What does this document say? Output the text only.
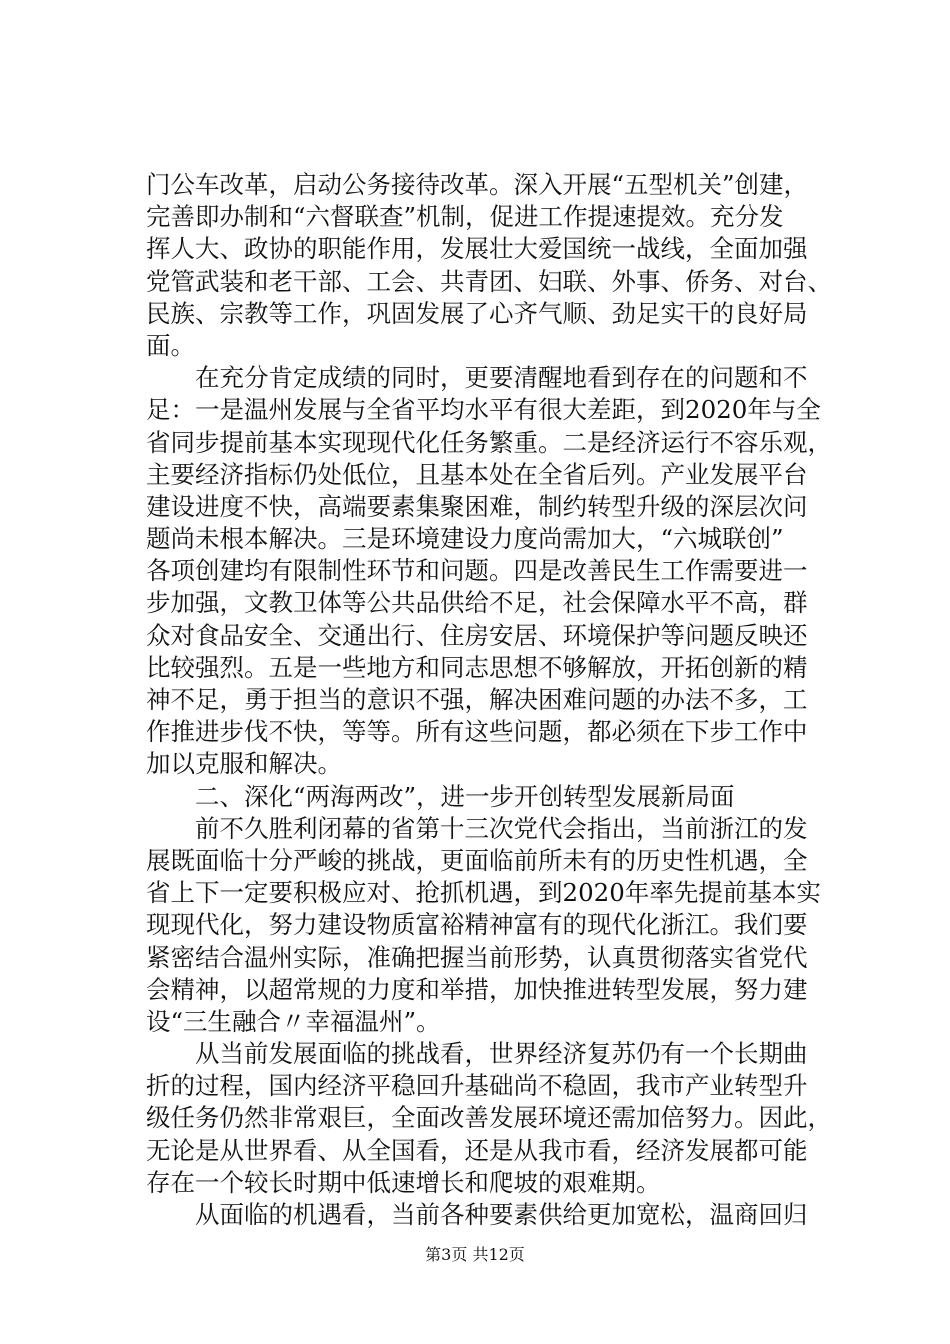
门公车改革，启动公务接待改革。深入开展“五型机关”创建，
完善即办制和“六督联查”机制，促进工作提速提效。充分发
挥人大、政协的职能作用，发展壮大爱国统一战线，全面加强
党管武装和老干部、工会、共青团、妇联、外事、侨务、对台、
民族、宗教等工作，巩固发展了心齐气顺、劲足实干的良好局
面。
　　在充分肯定成绩的同时，更要清醒地看到存在的问题和不
足：一是温州发展与全省平均水平有很大差距，到2020年与全
省同步提前基本实现现代化任务繁重。二是经济运行不容乐观，
主要经济指标仍处低位，且基本处在全省后列。产业发展平台
建设进度不快，高端要素集聚困难，制约转型升级的深层次问
题尚未根本解决。三是环境建设力度尚需加大，“六城联创”
各项创建均有限制性环节和问题。四是改善民生工作需要进一
步加强，文教卫体等公共品供给不足，社会保障水平不高，群
众对食品安全、交通出行、住房安居、环境保护等问题反映还
比较强烈。五是一些地方和同志思想不够解放，开拓创新的精
神不足，勇于担当的意识不强，解决困难问题的办法不多，工
作推进步伐不快，等等。所有这些问题，都必须在下步工作中
加以克服和解决。
　　二、深化“两海两改”，进一步开创转型发展新局面
　　前不久胜利闭幕的省第十三次党代会指出，当前浙江的发
展既面临十分严峻的挑战，更面临前所未有的历史性机遇，全
省上下一定要积极应对、抢抓机遇，到2020年率先提前基本实
现现代化，努力建设物质富裕精神富有的现代化浙江。我们要
紧密结合温州实际，准确把握当前形势，认真贯彻落实省党代
会精神，以超常规的力度和举措，加快推进转型发展，努力建
设“三生融合〃幸福温州”。
　　从当前发展面临的挑战看，世界经济复苏仍有一个长期曲
折的过程，国内经济平稳回升基础尚不稳固，我市产业转型升
级任务仍然非常艰巨，全面改善发展环境还需加倍努力。因此，
无论是从世界看、从全国看，还是从我市看，经济发展都可能
存在一个较长时期中低速增长和爬坡的艰难期。
　　从面临的机遇看，当前各种要素供给更加宽松，温商回归
第3页 共12页
